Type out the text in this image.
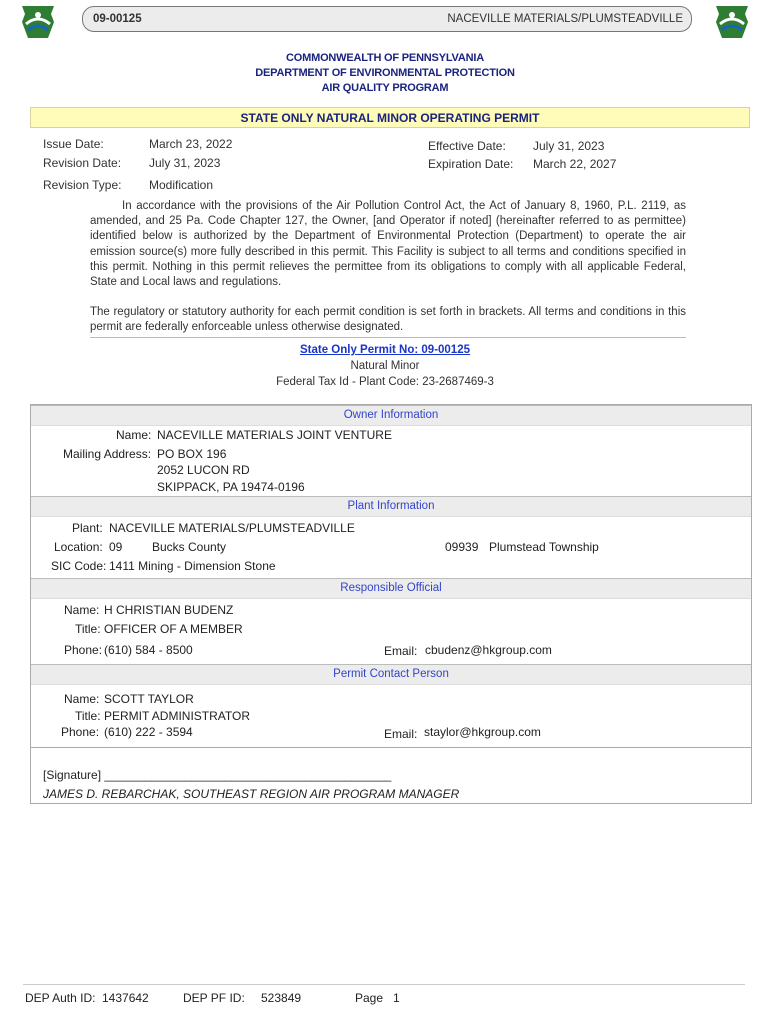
09-00125	NACEVILLE MATERIALS/PLUMSTEADVILLE
COMMONWEALTH OF PENNSYLVANIA
DEPARTMENT OF ENVIRONMENTAL PROTECTION
AIR QUALITY PROGRAM
STATE ONLY NATURAL MINOR OPERATING PERMIT
Issue Date:	March 23, 2022
Revision Date: July 31, 2023
Revision Type: Modification
Effective Date: July 31, 2023
Expiration Date: March 22, 2027
In accordance with the provisions of the Air Pollution Control Act, the Act of January 8, 1960, P.L. 2119, as amended, and 25 Pa. Code Chapter 127, the Owner, [and Operator if noted] (hereinafter referred to as permittee) identified below is authorized by the Department of Environmental Protection (Department) to operate the air emission source(s) more fully described in this permit. This Facility is subject to all terms and conditions specified in this permit. Nothing in this permit relieves the permittee from its obligations to comply with all applicable Federal, State and Local laws and regulations.
The regulatory or statutory authority for each permit condition is set forth in brackets. All terms and conditions in this permit are federally enforceable unless otherwise designated.
State Only Permit No: 09-00125
Natural Minor
Federal Tax Id - Plant Code: 23-2687469-3
Owner Information
Name: NACEVILLE MATERIALS JOINT VENTURE
Mailing Address: PO BOX 196
2052 LUCON RD
SKIPPACK, PA 19474-0196
Plant Information
Plant: NACEVILLE MATERIALS/PLUMSTEADVILLE
Location: 09 Bucks County	09939 Plumstead Township
SIC Code: 1411 Mining - Dimension Stone
Responsible Official
Name: H CHRISTIAN BUDENZ
Title: OFFICER OF A MEMBER
Phone: (610) 584 - 8500	Email: cbudenz@hkgroup.com
Permit Contact Person
Name: SCOTT TAYLOR
Title: PERMIT ADMINISTRATOR
Phone: (610) 222 - 3594	Email: staylor@hkgroup.com
[Signature] ___________________________________________
JAMES D. REBARCHAK, SOUTHEAST REGION AIR PROGRAM MANAGER
DEP Auth ID: 1437642	DEP PF ID: 523849	Page 1
